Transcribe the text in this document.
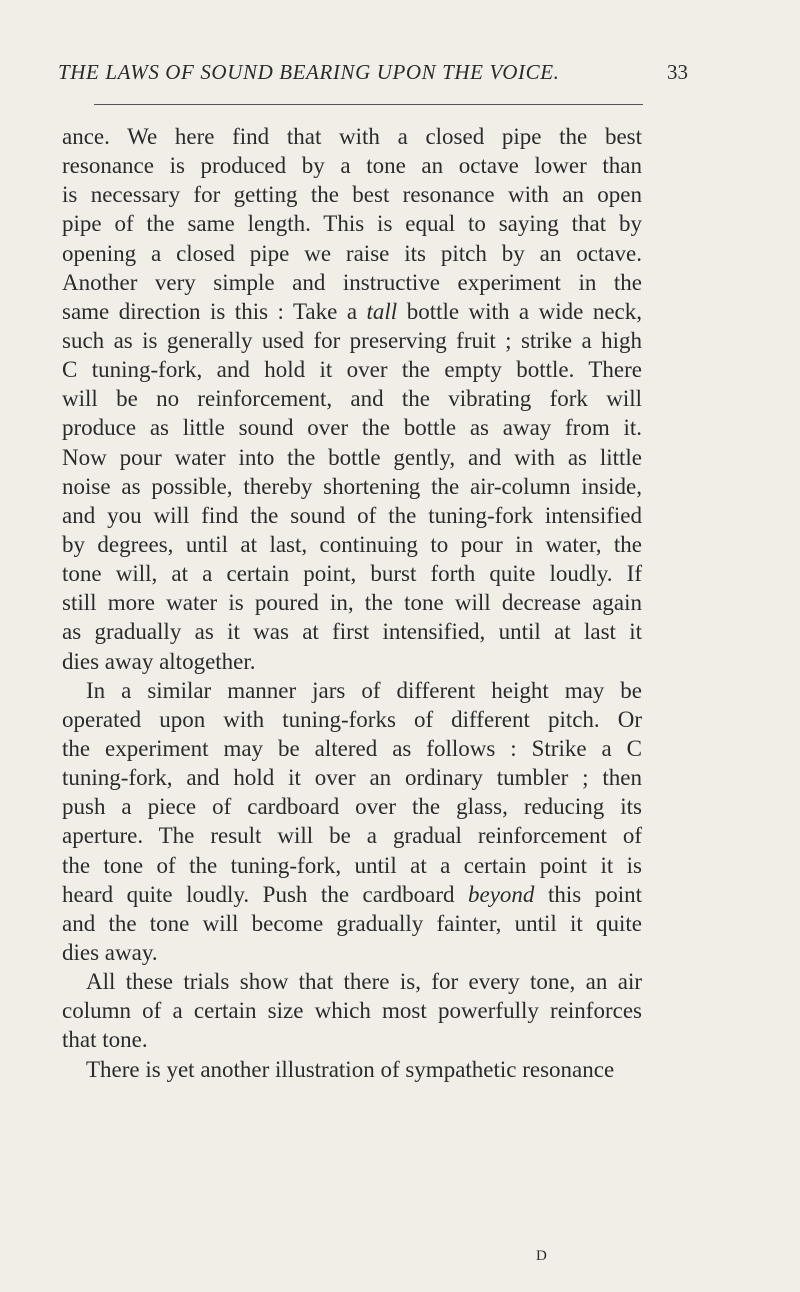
THE LAWS OF SOUND BEARING UPON THE VOICE.	33
ance. We here find that with a closed pipe the best
resonance is produced by a tone an octave lower than
is necessary for getting the best resonance with an open
pipe of the same length. This is equal to saying that by
opening a closed pipe we raise its pitch by an octave.
Another very simple and instructive experiment in the
same direction is this : Take a tall bottle with a wide neck,
such as is generally used for preserving fruit ; strike a high
C tuning-fork, and hold it over the empty bottle. There
will be no reinforcement, and the vibrating fork will
produce as little sound over the bottle as away from it.
Now pour water into the bottle gently, and with as little
noise as possible, thereby shortening the air-column inside,
and you will find the sound of the tuning-fork intensified
by degrees, until at last, continuing to pour in water, the
tone will, at a certain point, burst forth quite loudly. If
still more water is poured in, the tone will decrease again
as gradually as it was at first intensified, until at last it
dies away altogether.
In a similar manner jars of different height may be
operated upon with tuning-forks of different pitch. Or
the experiment may be altered as follows : Strike a C
tuning-fork, and hold it over an ordinary tumbler ; then
push a piece of cardboard over the glass, reducing its
aperture. The result will be a gradual reinforcement of
the tone of the tuning-fork, until at a certain point it is
heard quite loudly. Push the cardboard beyond this point
and the tone will become gradually fainter, until it quite
dies away.
All these trials show that there is, for every tone, an air
column of a certain size which most powerfully reinforces
that tone.
There is yet another illustration of sympathetic resonance
D
